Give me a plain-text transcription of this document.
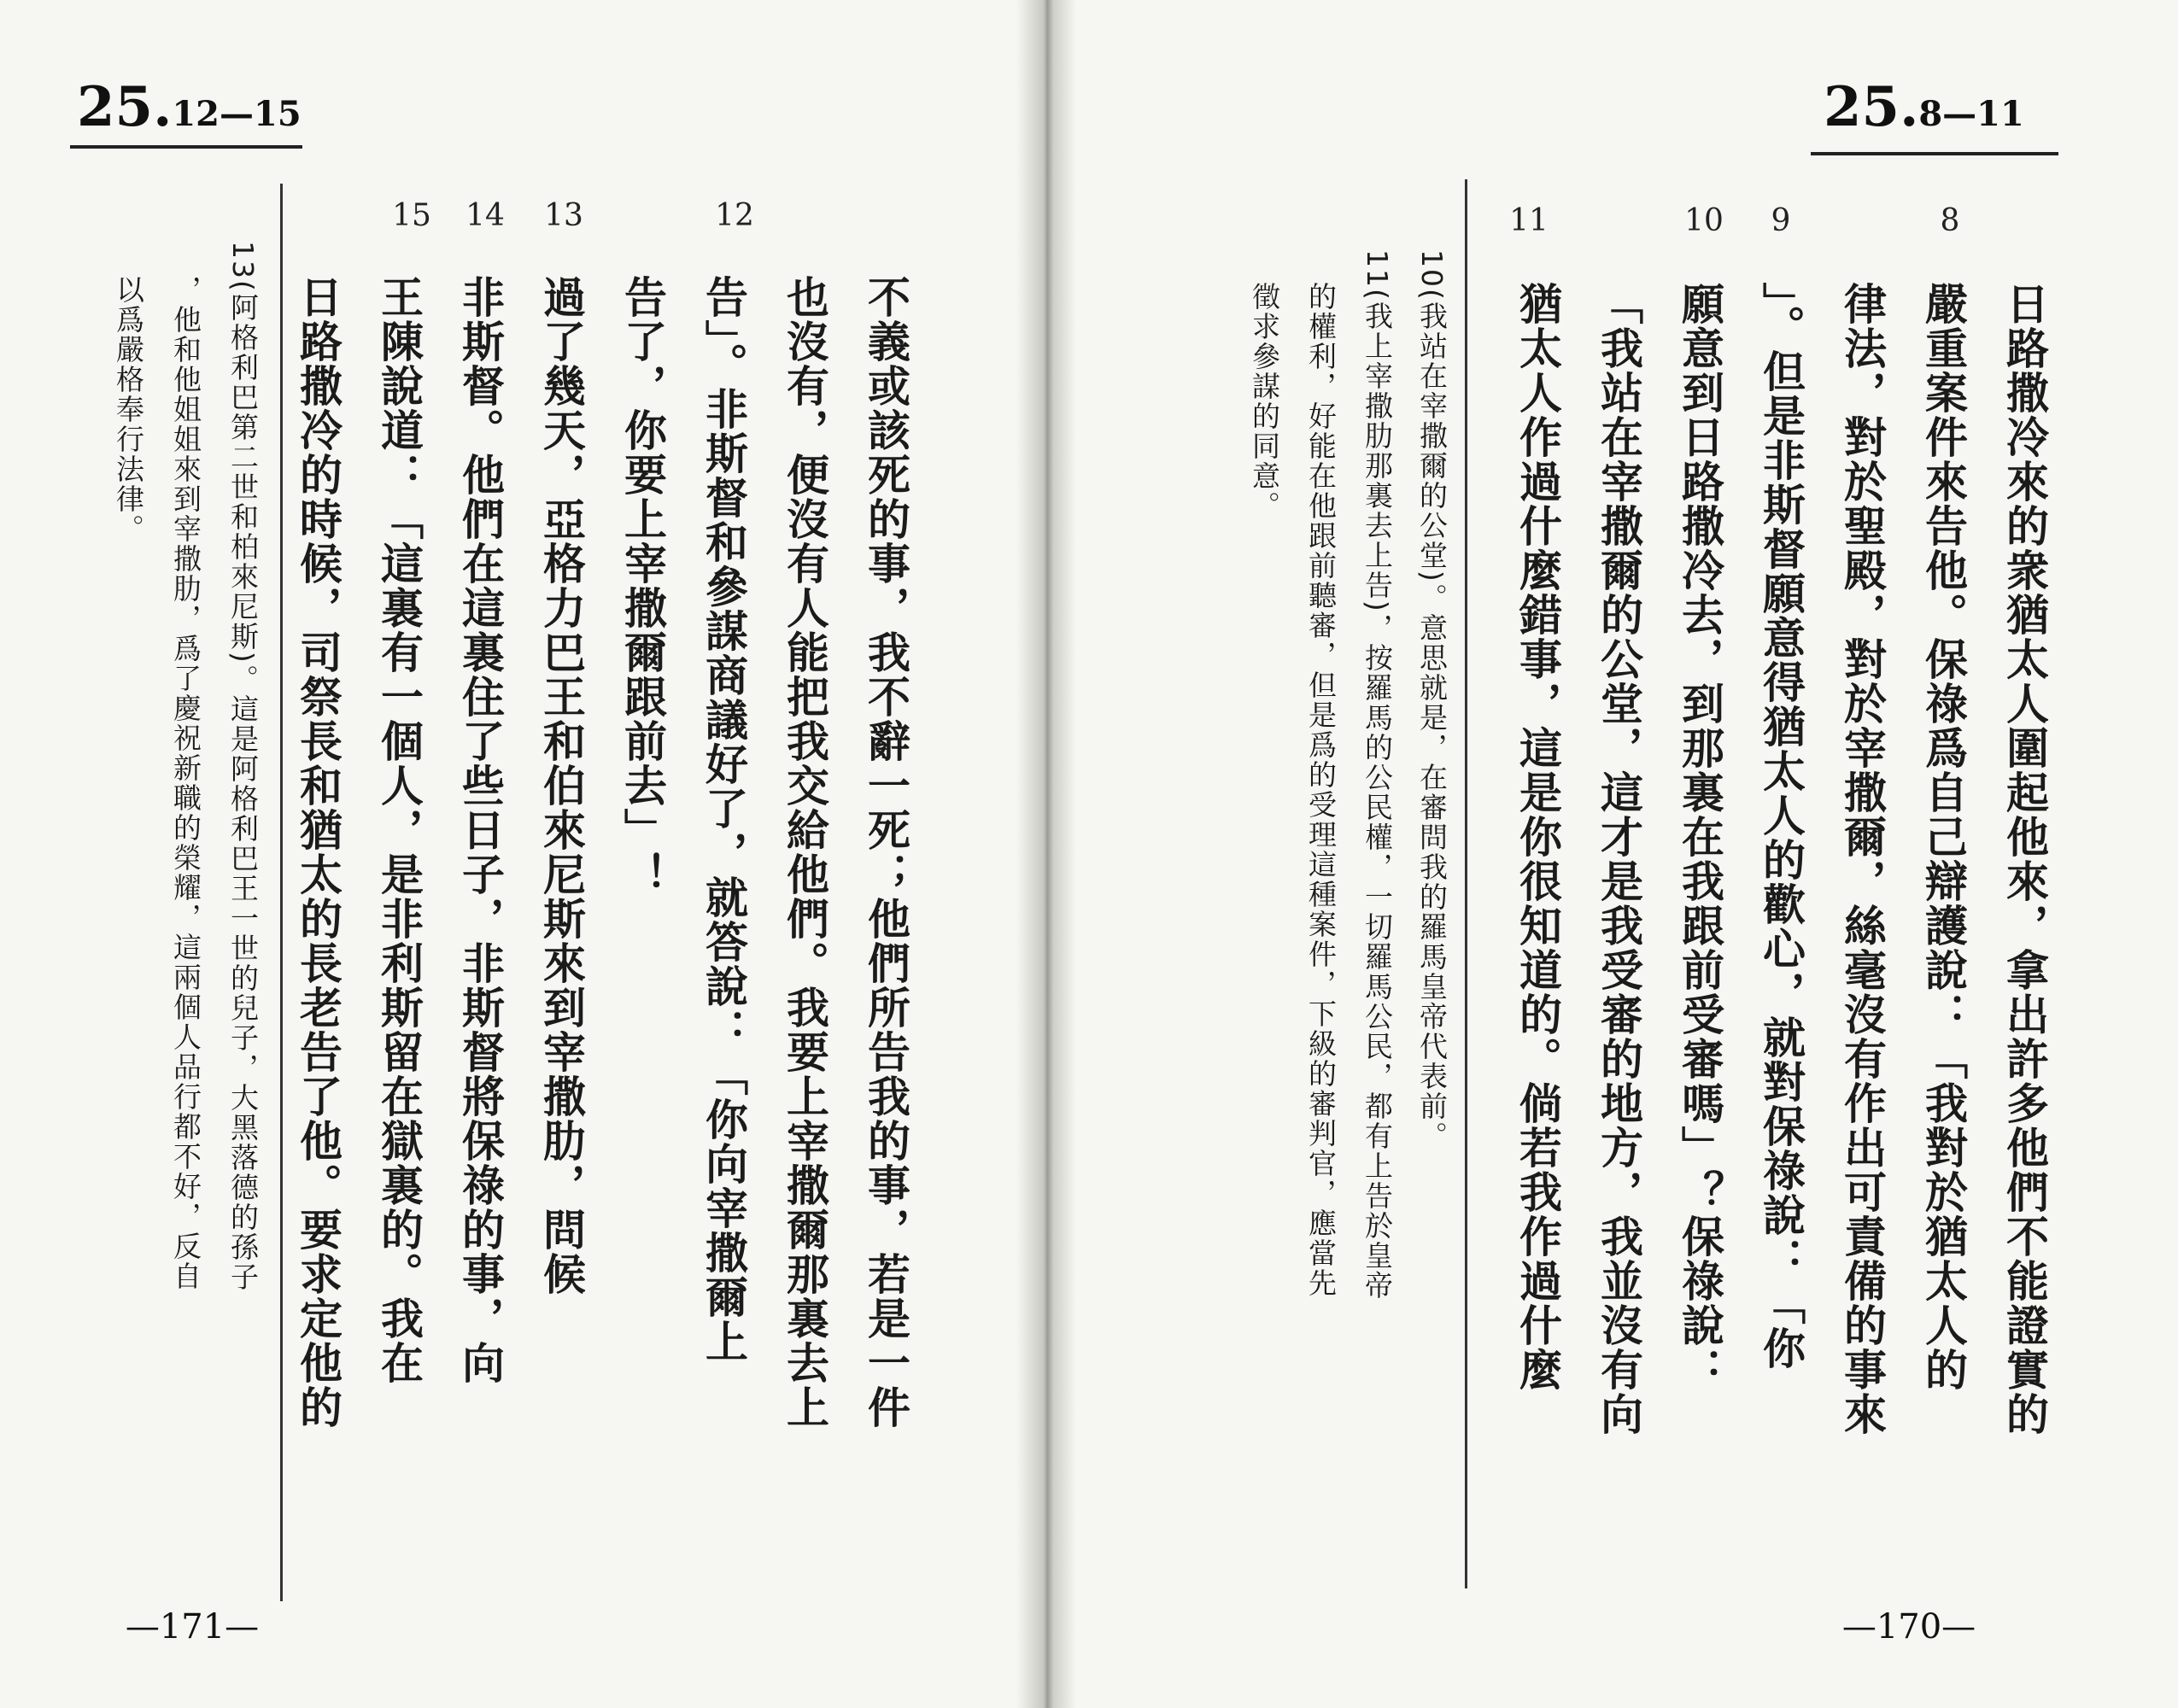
25.12—15
15 14 13	12
不義或該死的事，我不辭一死；他們所告我的事，若是一件
也沒有，便沒有人能把我交給他們。我要上宰撒爾那裏去上
告」。非斯督和參謀商議好了，就答說：「你向宰撒爾上
告了，你要上宰撒爾跟前去」！
過了幾天，亞格力巴王和伯來尼斯來到宰撒肋，問候
非斯督。他們在這裏住了些日子，非斯督將保祿的事，向
王陳說道：「這裏有一個人，是非利斯留在獄裏的。我在
日路撒冷的時候，司祭長和猶太的長老告了他。要求定他的
13(阿格利巴第二世和柏來尼斯)。這是阿格利巴王一世的兒子，大黑落德的孫子
，他和他姐姐來到宰撒肋，爲了慶祝新職的榮耀，這兩個人品行都不好，反自
以爲嚴格奉行法律。
—171—
25.8—11
11	10	9	8
日路撒冷來的衆猶太人圍起他來，拿出許多他們不能證實的
嚴重案件來告他。保祿爲自己辯護說：「我對於猶太人的
律法，對於聖殿，對於宰撒爾，絲毫沒有作出可責備的事來
」。但是非斯督願意得猶太人的歡心，就對保祿說：「你
願意到日路撒冷去，到那裏在我跟前受審嗎」？保祿說：
「我站在宰撒爾的公堂，這才是我受審的地方，我並沒有向
猶太人作過什麼錯事，這是你很知道的。倘若我作過什麼
10(我站在宰撒爾的公堂)。意思就是，在審問我的羅馬皇帝代表前。
11(我上宰撒肋那裏去上告)，按羅馬的公民權，一切羅馬公民，都有上告於皇帝
的權利，好能在他跟前聽審，但是爲的受理這種案件，下級的審判官，應當先
徵求參謀的同意。
—170—
